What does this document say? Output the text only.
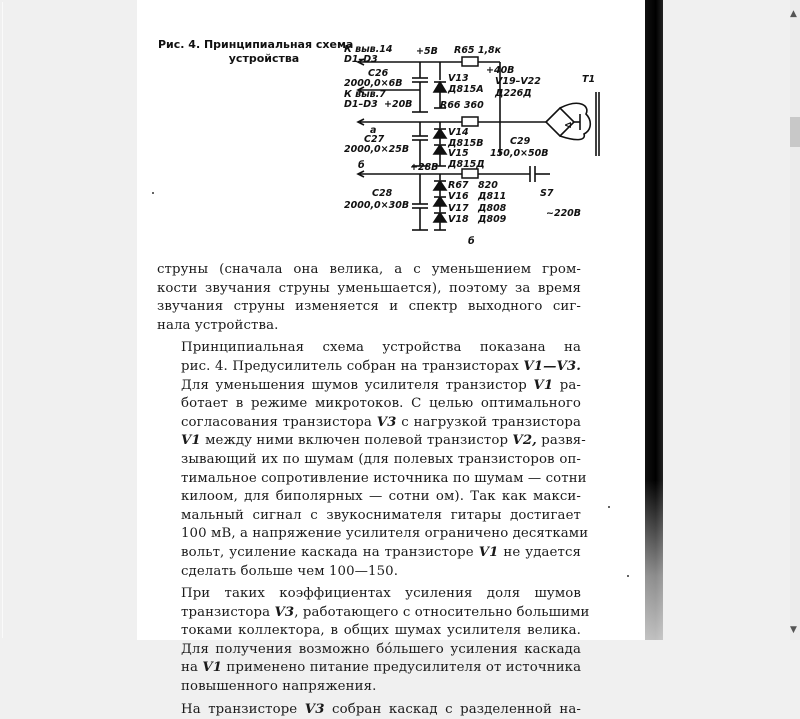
Рис. 4. Принципиальная схема
устройства
⊲
К выв.14
D1–D3
+5В R65 1,8к
+40В
C26
2000,0×6В	V13
Д815А
V19–V22
Д226Д
T1
К выв.7
D1–D3 +20В	R66 360
а
C27
2000,0×25В
V14
Д815В
V15
Д815Д
C29
150,0×50В
б	+28В
R67 820
V16 Д811
C28
2000,0×30В	V17 Д808
V18 Д809
S7
~220В
б

струны (сначала она велика, а с уменьшением гром-
кости звучания струны уменьшается), поэтому за время
звучания струны изменяется и спектр выходного сиг-
нала устройства.

Принципиальная схема устройства показана на
рис. 4. Предусилитель собран на транзисторах V1—V3.
Для уменьшения шумов усилителя транзистор V1 ра-
ботает в режиме микротоков. С целью оптимального
согласования транзистора V3 с нагрузкой транзистора
V1 между ними включен полевой транзистор V2, развя-
зывающий их по шумам (для полевых транзисторов оп-
тимальное сопротивление источника по шумам — сотни
килоом, для биполярных — сотни ом). Так как макси-
мальный сигнал с звукоснимателя гитары достигает
100 мВ, а напряжение усилителя ограничено десятками
вольт, усиление каскада на транзисторе V1 не удается
сделать больше чем 100—150.

При таких коэффициентах усиления доля шумов
транзистора V3, работающего с относительно большими
токами коллектора, в общих шумах усилителя велика.
Для получения возможно бóльшего усиления каскада
на V1 применено питание предусилителя от источника
повышенного напряжения.

На транзисторе V3 собран каскад с разделенной на-

▲
▼
